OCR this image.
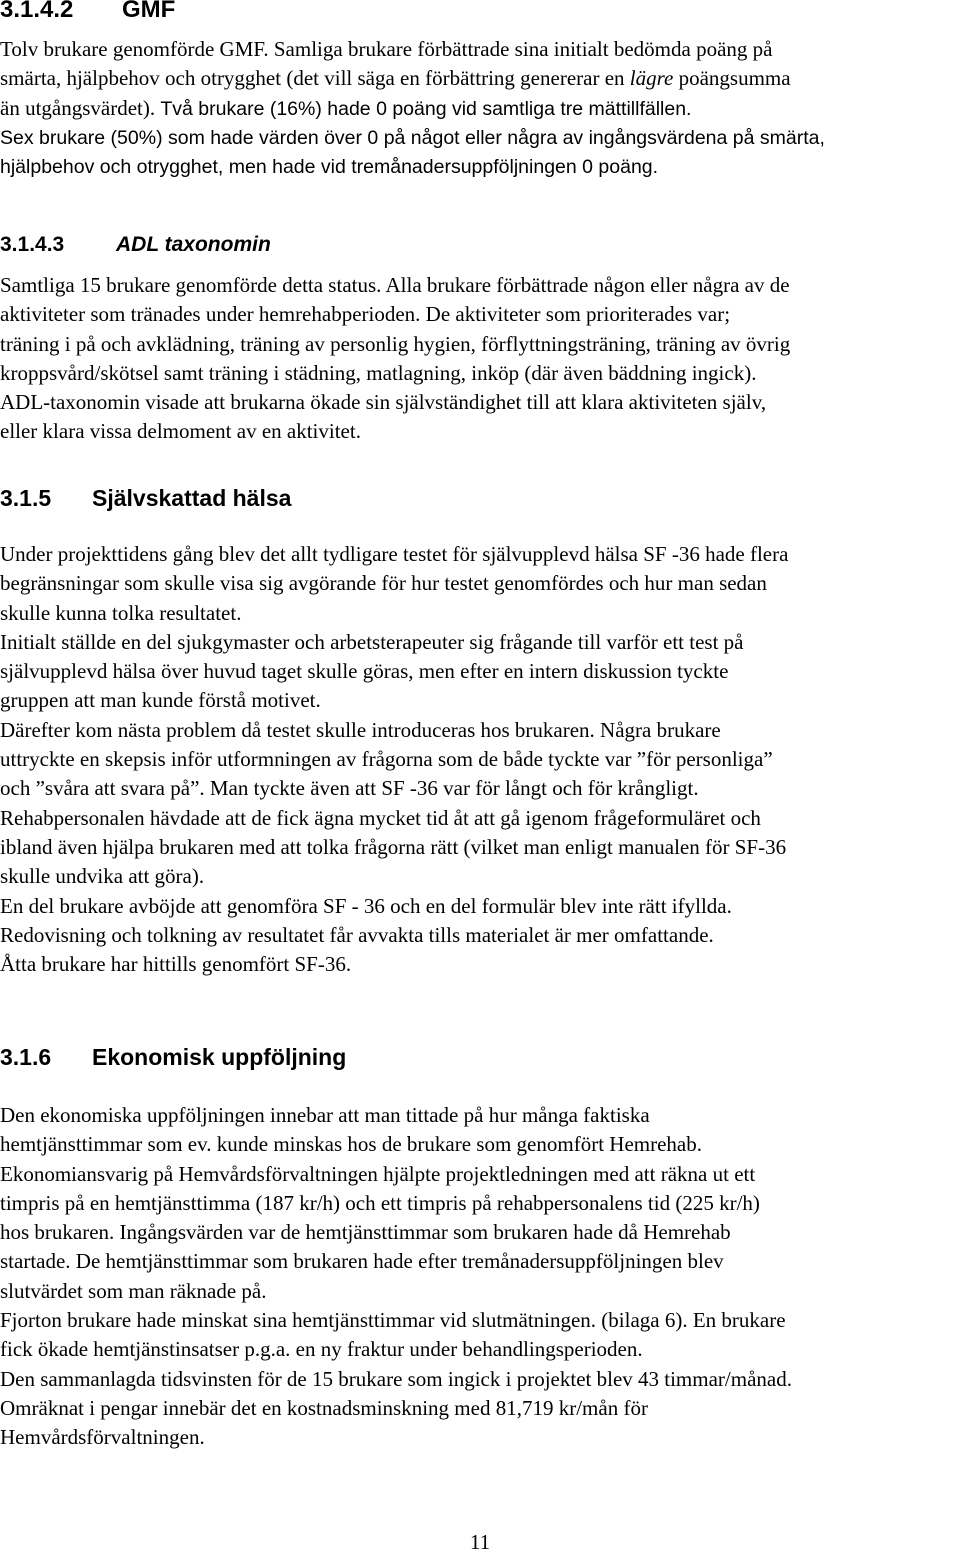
3.1.4.2 GMF
Tolv brukare genomförde GMF. Samliga brukare förbättrade sina initialt bedömda poäng på
smärta, hjälpbehov och otrygghet (det vill säga en förbättring genererar en lägre poängsumma
än utgångsvärdet). Två brukare (16%) hade 0 poäng vid samtliga tre mättillfällen.
Sex brukare (50%) som hade värden över 0 på något eller några av ingångsvärdena på smärta,
hjälpbehov och otrygghet, men hade vid tremånadersuppföljningen 0 poäng.
3.1.4.3 ADL taxonomin
Samtliga 15 brukare genomförde detta status. Alla brukare förbättrade någon eller några av de
aktiviteter som tränades under hemrehabperioden. De aktiviteter som prioriterades var;
träning i på och avklädning, träning av personlig hygien, förflyttningsträning, träning av övrig
kroppsvård/skötsel samt träning i städning, matlagning, inköp (där även bäddning ingick).
ADL-taxonomin visade att brukarna ökade sin självständighet till att klara aktiviteten själv,
eller klara vissa delmoment av en aktivitet.
3.1.5 Självskattad hälsa
Under projekttidens gång blev det allt tydligare testet för självupplevd hälsa SF -36 hade flera
begränsningar som skulle visa sig avgörande för hur testet genomfördes och hur man sedan
skulle kunna tolka resultatet.
Initialt ställde en del sjukgymaster och arbetsterapeuter sig frågande till varför ett test på
självupplevd hälsa över huvud taget skulle göras, men efter en intern diskussion tyckte
gruppen att man kunde förstå motivet.
Därefter kom nästa problem då testet skulle introduceras hos brukaren. Några brukare
uttryckte en skepsis inför utformningen av frågorna som de både tyckte var ”för personliga”
och ”svåra att svara på”. Man tyckte även att SF -36 var för långt och för krångligt.
Rehabpersonalen hävdade att de fick ägna mycket tid åt att gå igenom frågeformuläret och
ibland även hjälpa brukaren med att tolka frågorna rätt (vilket man enligt manualen för SF-36
skulle undvika att göra).
En del brukare avböjde att genomföra SF - 36 och en del formulär blev inte rätt ifyllda.
Redovisning och tolkning av resultatet får avvakta tills materialet är mer omfattande.
Åtta brukare har hittills genomfört SF-36.
3.1.6 Ekonomisk uppföljning
Den ekonomiska uppföljningen innebar att man tittade på hur många faktiska
hemtjänsttimmar som ev. kunde minskas hos de brukare som genomfört Hemrehab.
Ekonomiansvarig på Hemvårdsförvaltningen hjälpte projektledningen med att räkna ut ett
timpris på en hemtjänsttimma (187 kr/h) och ett timpris på rehabpersonalens tid (225 kr/h)
hos brukaren. Ingångsvärden var de hemtjänsttimmar som brukaren hade då Hemrehab
startade. De hemtjänsttimmar som brukaren hade efter tremånadersuppföljningen blev
slutvärdet som man räknade på.
Fjorton brukare hade minskat sina hemtjänsttimmar vid slutmätningen. (bilaga 6). En brukare
fick ökade hemtjänstinsatser p.g.a. en ny fraktur under behandlingsperioden.
Den sammanlagda tidsvinsten för de 15 brukare som ingick i projektet blev 43 timmar/månad.
Omräknat i pengar innebär det en kostnadsminskning med 81,719 kr/mån för
Hemvårdsförvaltningen.
11
